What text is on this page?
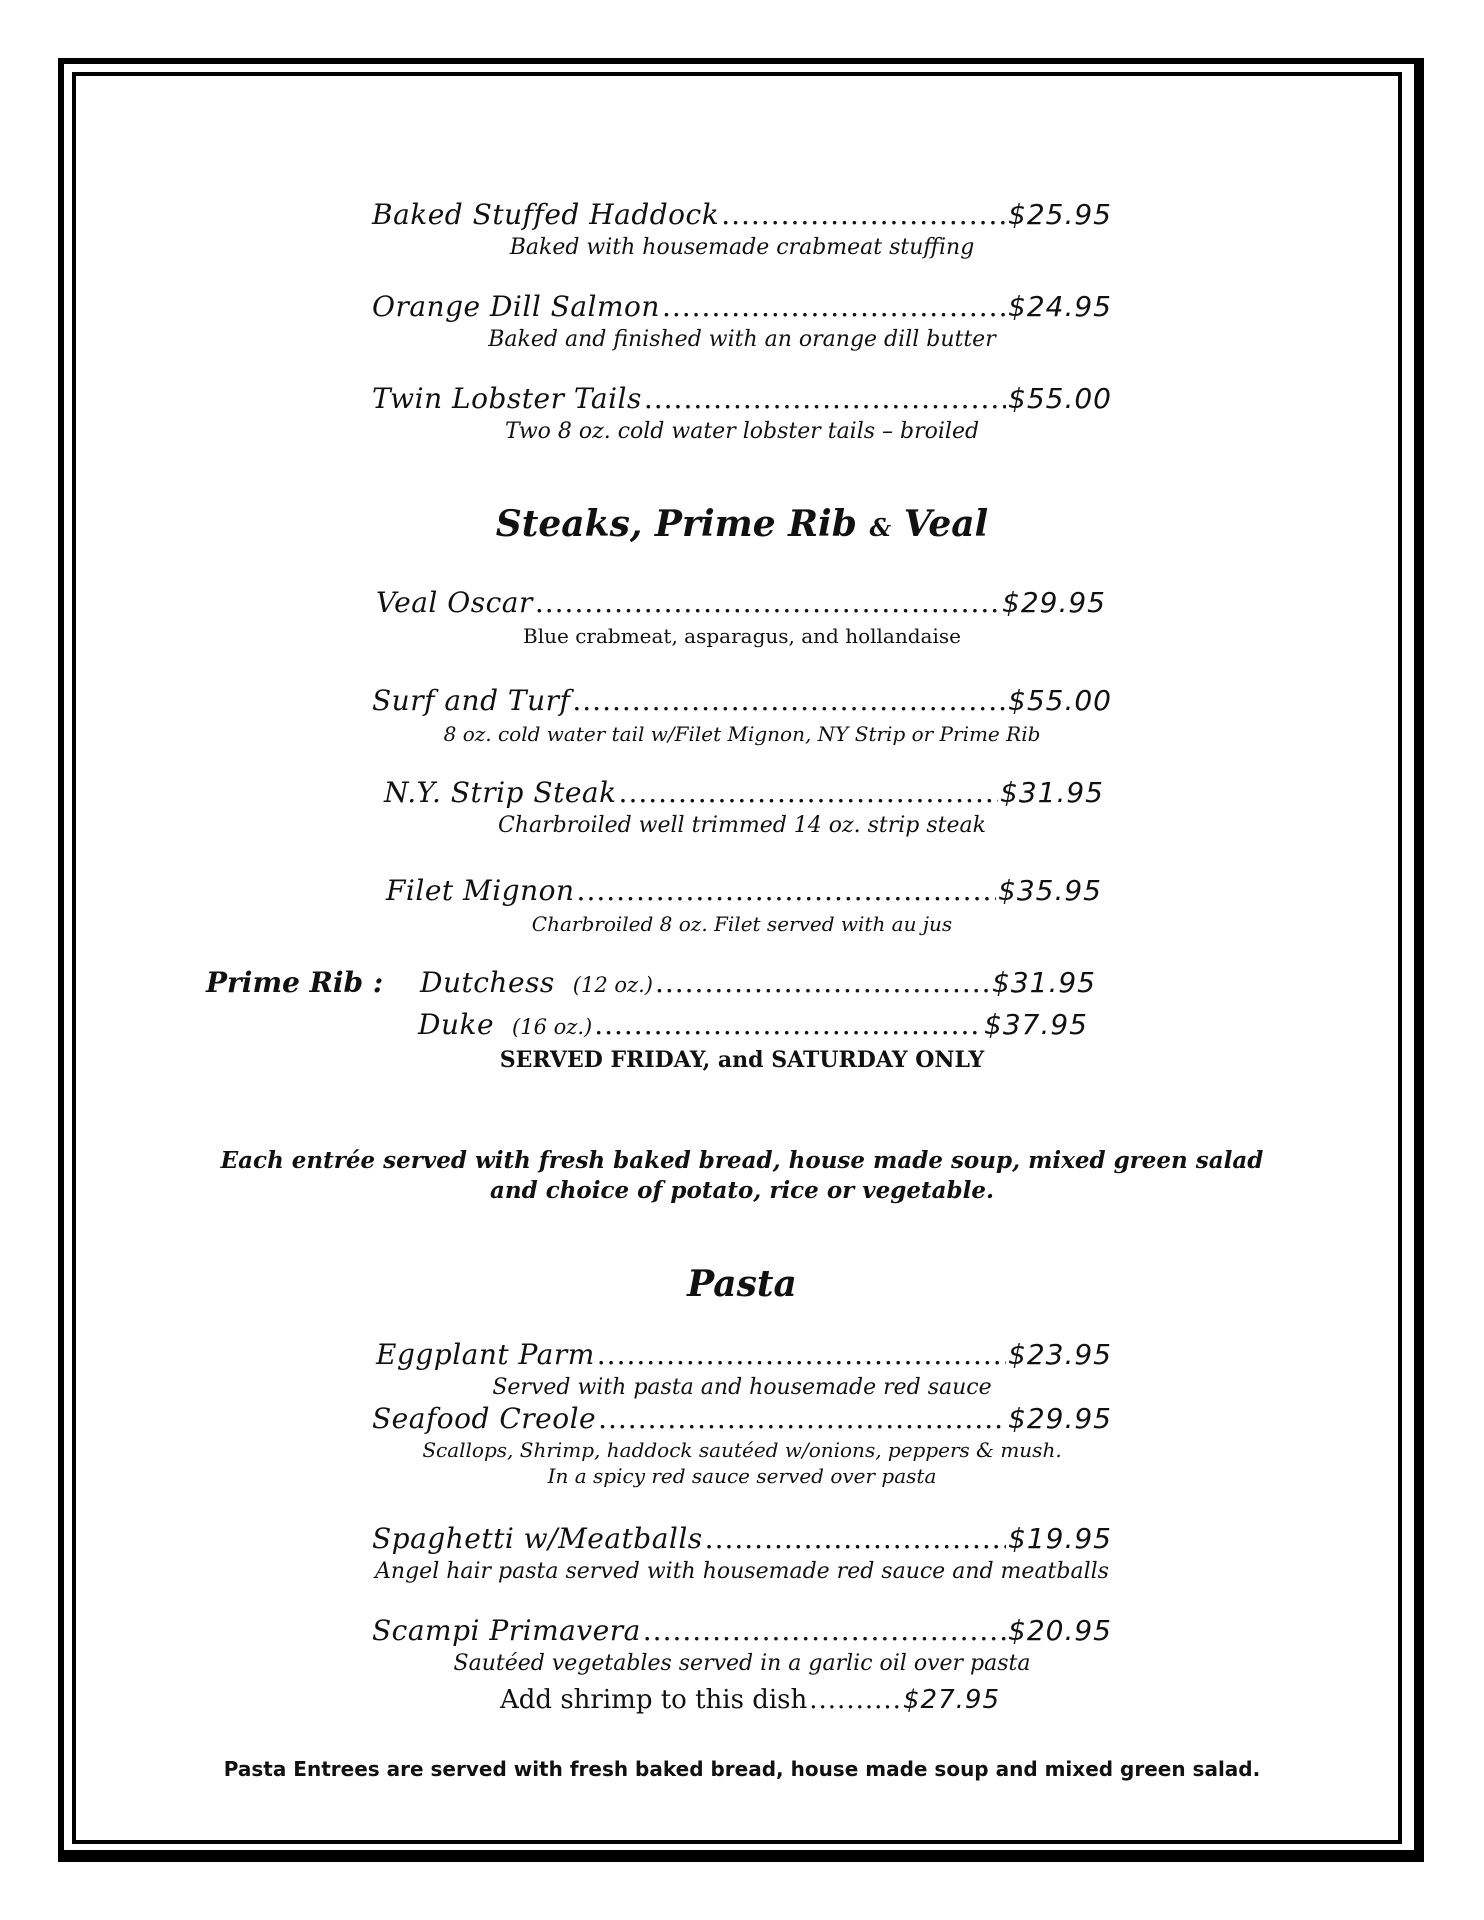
Baked Stuffed Haddock .....	$25.95
Baked with housemade crabmeat stuffing
Orange Dill Salmon .....	$24.95
Baked and finished with an orange dill butter
Twin Lobster Tails .....	$55.00
Two 8 oz. cold water lobster tails – broiled
Steaks, Prime Rib & Veal
Veal Oscar .....	$29.95
Blue crabmeat, asparagus, and hollandaise
Surf and Turf .....	$55.00
8 oz. cold water tail w/Filet Mignon, NY Strip or Prime Rib
N.Y. Strip Steak .....	$31.95
Charbroiled well trimmed 14 oz. strip steak
Filet Mignon .....	$35.95
Charbroiled 8 oz. Filet served with au jus
Prime Rib : Dutchess (12 oz.) .....	$31.95
Duke (16 oz.) .....	$37.95
SERVED FRIDAY, and SATURDAY ONLY
Each entrée served with fresh baked bread, house made soup, mixed green salad
and choice of potato, rice or vegetable.
Pasta
Eggplant Parm .....	$23.95
Served with pasta and housemade red sauce
Seafood Creole .....	$29.95
Scallops, Shrimp, haddock sautéed w/onions, peppers & mush.
In a spicy red sauce served over pasta
Spaghetti w/Meatballs .....	$19.95
Angel hair pasta served with housemade red sauce and meatballs
Scampi Primavera .....	$20.95
Sautéed vegetables served in a garlic oil over pasta
Add shrimp to this dish .....	$27.95
Pasta Entrees are served with fresh baked bread, house made soup and mixed green salad.
